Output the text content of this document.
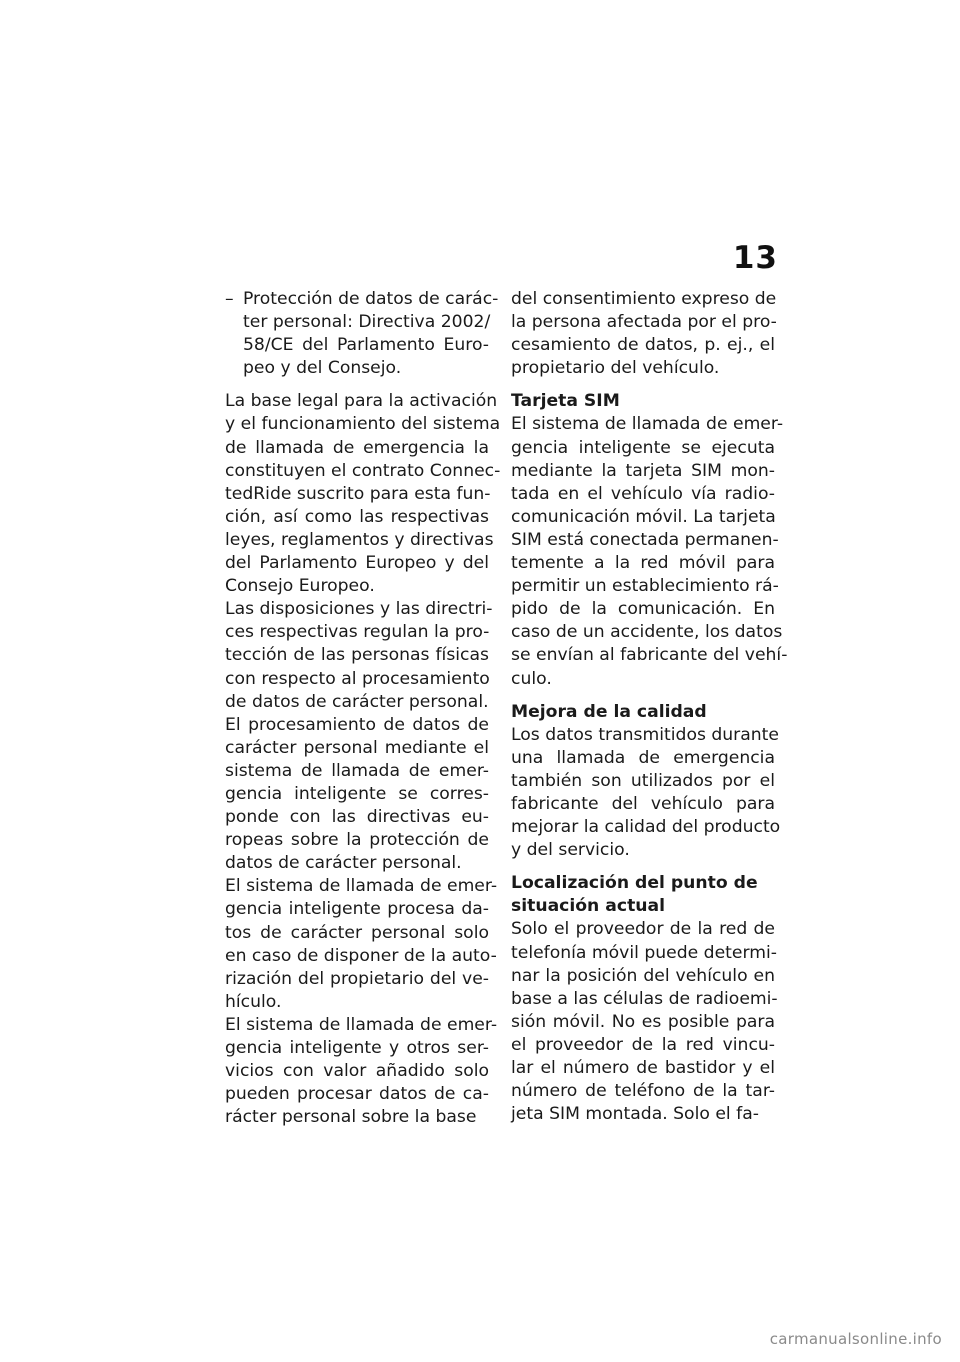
13
– Protección de datos de carác-
ter personal: Directiva 2002/
58/CE del Parlamento Euro-
peo y del Consejo.
La base legal para la activación
y el funcionamiento del sistema
de llamada de emergencia la
constituyen el contrato Connec-
tedRide suscrito para esta fun-
ción, así como las respectivas
leyes, reglamentos y directivas
del Parlamento Europeo y del
Consejo Europeo.
Las disposiciones y las directri-
ces respectivas regulan la pro-
tección de las personas físicas
con respecto al procesamiento
de datos de carácter personal.
El procesamiento de datos de
carácter personal mediante el
sistema de llamada de emer-
gencia inteligente se corres-
ponde con las directivas eu-
ropeas sobre la protección de
datos de carácter personal.
El sistema de llamada de emer-
gencia inteligente procesa da-
tos de carácter personal solo
en caso de disponer de la auto-
rización del propietario del ve-
hículo.
El sistema de llamada de emer-
gencia inteligente y otros ser-
vicios con valor añadido solo
pueden procesar datos de ca-
rácter personal sobre la base
del consentimiento expreso de
la persona afectada por el pro-
cesamiento de datos, p. ej., el
propietario del vehículo.
Tarjeta SIM
El sistema de llamada de emer-
gencia inteligente se ejecuta
mediante la tarjeta SIM mon-
tada en el vehículo vía radio-
comunicación móvil. La tarjeta
SIM está conectada permanen-
temente a la red móvil para
permitir un establecimiento rá-
pido de la comunicación. En
caso de un accidente, los datos
se envían al fabricante del vehí-
culo.
Mejora de la calidad
Los datos transmitidos durante
una llamada de emergencia
también son utilizados por el
fabricante del vehículo para
mejorar la calidad del producto
y del servicio.
Localización del punto de
situación actual
Solo el proveedor de la red de
telefonía móvil puede determi-
nar la posición del vehículo en
base a las células de radioemi-
sión móvil. No es posible para
el proveedor de la red vincu-
lar el número de bastidor y el
número de teléfono de la tar-
jeta SIM montada. Solo el fa-
carmanualsonline.info
